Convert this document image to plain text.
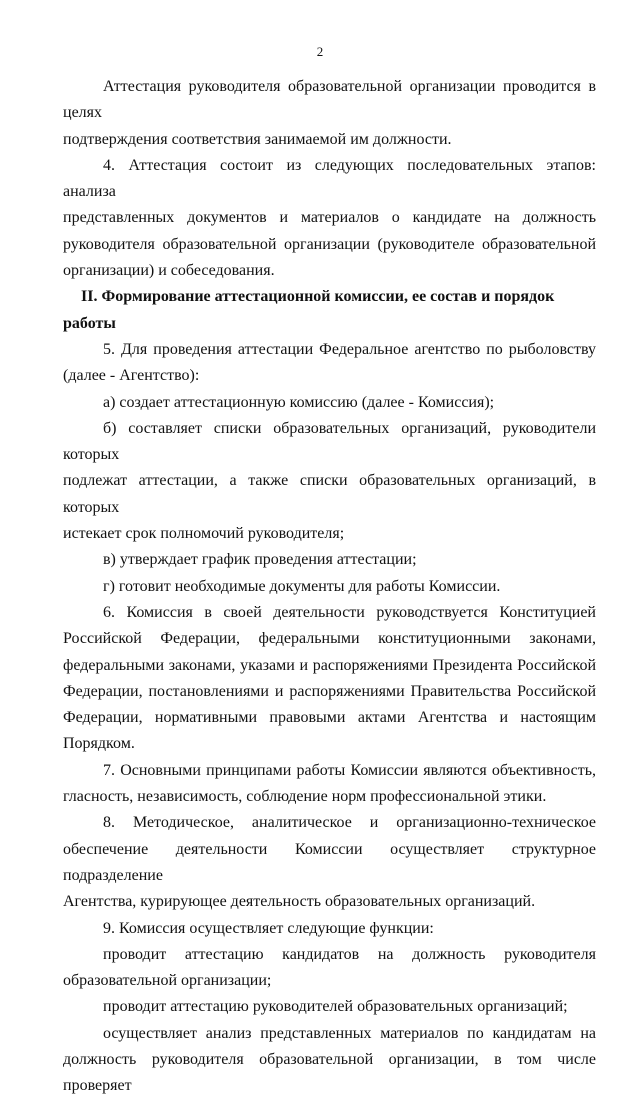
2

Аттестация руководителя образовательной организации проводится в целях

подтверждения соответствия занимаемой им должности.

4. Аттестация состоит из следующих последовательных этапов: анализа

представленных документов и материалов о кандидате на должность

руководителя образовательной организации (руководителе образовательной

организации) и собеседования.

II. Формирование аттестационной комиссии, ее состав и порядок работы

5. Для проведения аттестации Федеральное агентство по рыболовству

(далее - Агентство):

а) создает аттестационную комиссию (далее - Комиссия);

б) составляет списки образовательных организаций, руководители которых

подлежат аттестации, а также списки образовательных организаций, в которых

истекает срок полномочий руководителя;

в) утверждает график проведения аттестации;

г) готовит необходимые документы для работы Комиссии.

6. Комиссия в своей деятельности руководствуется Конституцией

Российской Федерации, федеральными конституционными законами,

федеральными законами, указами и распоряжениями Президента Российской

Федерации, постановлениями и распоряжениями Правительства Российской

Федерации, нормативными правовыми актами Агентства и настоящим Порядком.

7. Основными принципами работы Комиссии являются объективность,

гласность, независимость, соблюдение норм профессиональной этики.

8. Методическое, аналитическое и организационно-техническое

обеспечение деятельности Комиссии осуществляет структурное подразделение

Агентства, курирующее деятельность образовательных организаций.

9. Комиссия осуществляет следующие функции:

проводит аттестацию кандидатов на должность руководителя

образовательной организации;

проводит аттестацию руководителей образовательных организаций;

осуществляет анализ представленных материалов по кандидатам на

должность руководителя образовательной организации, в том числе проверяет
